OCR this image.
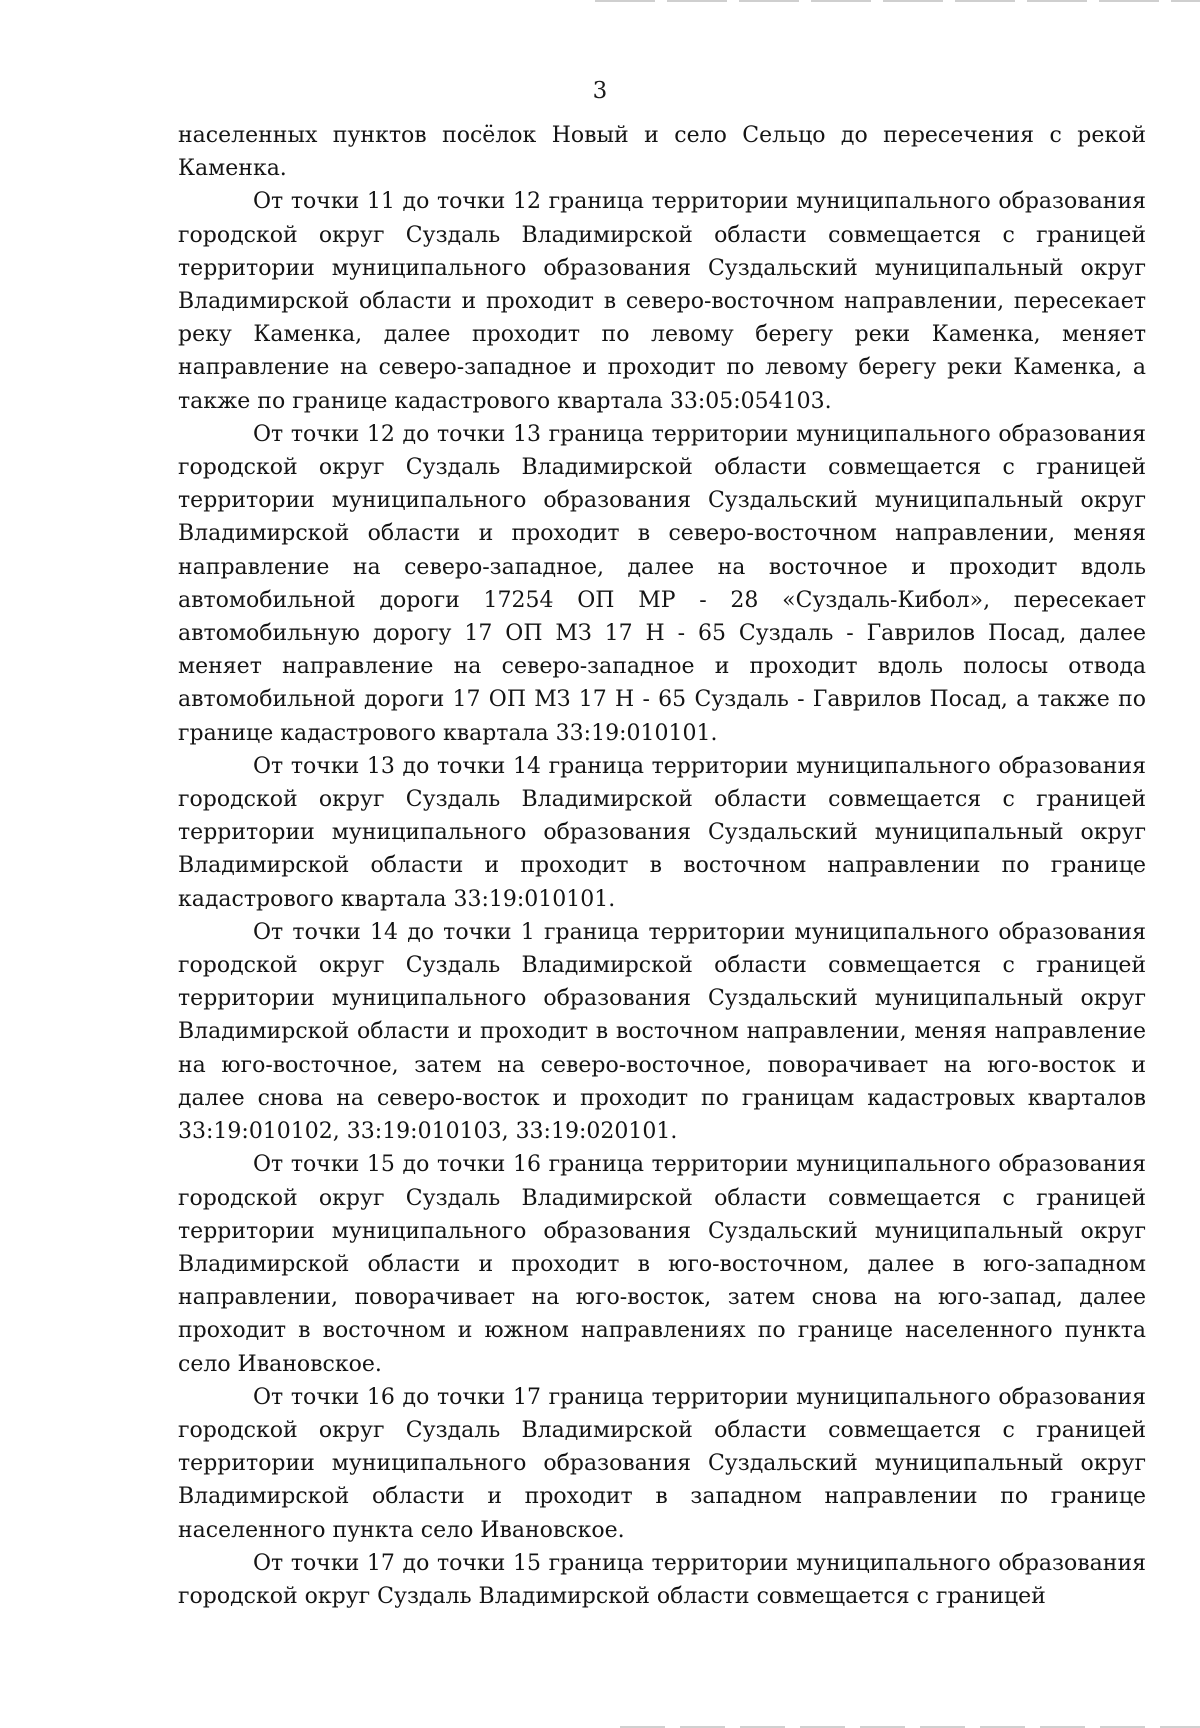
3

населенных пунктов посёлок Новый и село Сельцо до пересечения с рекой Каменка.

От точки 11 до точки 12 граница территории муниципального образования городской округ Суздаль Владимирской области совмещается с границей территории муниципального образования Суздальский муниципальный округ Владимирской области и проходит в северо-восточном направлении, пересекает реку Каменка, далее проходит по левому берегу реки Каменка, меняет направление на северо-западное и проходит по левому берегу реки Каменка, а также по границе кадастрового квартала 33:05:054103.

От точки 12 до точки 13 граница территории муниципального образования городской округ Суздаль Владимирской области совмещается с границей территории муниципального образования Суздальский муниципальный округ Владимирской области и проходит в северо-восточном направлении, меняя направление на северо-западное, далее на восточное и проходит вдоль автомобильной дороги 17254 ОП МР - 28 «Суздаль-Кибол», пересекает автомобильную дорогу 17 ОП МЗ 17 Н - 65 Суздаль - Гаврилов Посад, далее меняет направление на северо-западное и проходит вдоль полосы отвода автомобильной дороги 17 ОП МЗ 17 Н - 65 Суздаль - Гаврилов Посад, а также по границе кадастрового квартала 33:19:010101.

От точки 13 до точки 14 граница территории муниципального образования городской округ Суздаль Владимирской области совмещается с границей территории муниципального образования Суздальский муниципальный округ Владимирской области и проходит в восточном направлении по границе кадастрового квартала 33:19:010101.

От точки 14 до точки 1 граница территории муниципального образования городской округ Суздаль Владимирской области совмещается с границей территории муниципального образования Суздальский муниципальный округ Владимирской области и проходит в восточном направлении, меняя направление на юго-восточное, затем на северо-восточное, поворачивает на юго-восток и далее снова на северо-восток и проходит по границам кадастровых кварталов 33:19:010102, 33:19:010103, 33:19:020101.

От точки 15 до точки 16 граница территории муниципального образования городской округ Суздаль Владимирской области совмещается с границей территории муниципального образования Суздальский муниципальный округ Владимирской области и проходит в юго-восточном, далее в юго-западном направлении, поворачивает на юго-восток, затем снова на юго-запад, далее проходит в восточном и южном направлениях по границе населенного пункта село Ивановское.

От точки 16 до точки 17 граница территории муниципального образования городской округ Суздаль Владимирской области совмещается с границей территории муниципального образования Суздальский муниципальный округ Владимирской области и проходит в западном направлении по границе населенного пункта село Ивановское.

От точки 17 до точки 15 граница территории муниципального образования городской округ Суздаль Владимирской области совмещается с границей
